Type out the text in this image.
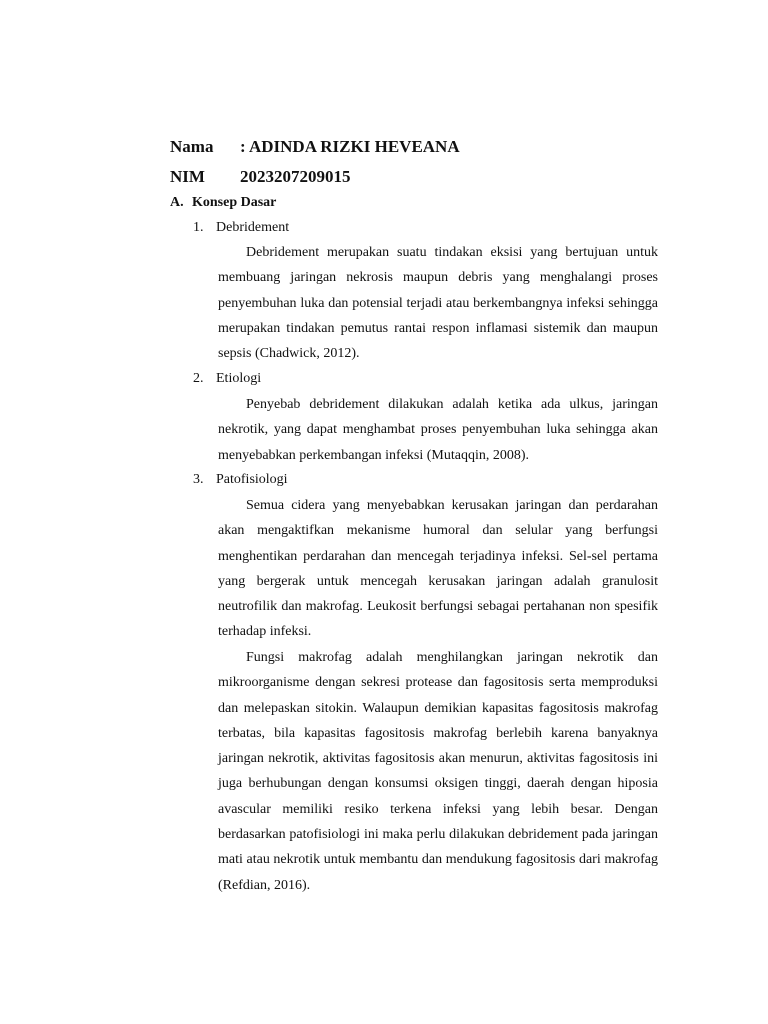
Nama : ADINDA RIZKI HEVEANA
NIM 2023207209015
A. Konsep Dasar
1. Debridement

Debridement merupakan suatu tindakan eksisi yang bertujuan untuk membuang jaringan nekrosis maupun debris yang menghalangi proses penyembuhan luka dan potensial terjadi atau berkembangnya infeksi sehingga merupakan tindakan pemutus rantai respon inflamasi sistemik dan maupun sepsis (Chadwick, 2012).

2. Etiologi

Penyebab debridement dilakukan adalah ketika ada ulkus, jaringan nekrotik, yang dapat menghambat proses penyembuhan luka sehingga akan menyebabkan perkembangan infeksi (Mutaqqin, 2008).

3. Patofisiologi

Semua cidera yang menyebabkan kerusakan jaringan dan perdarahan akan mengaktifkan mekanisme humoral dan selular yang berfungsi menghentikan perdarahan dan mencegah terjadinya infeksi. Sel-sel pertama yang bergerak untuk mencegah kerusakan jaringan adalah granulosit neutrofilik dan makrofag. Leukosit berfungsi sebagai pertahanan non spesifik terhadap infeksi.

Fungsi makrofag adalah menghilangkan jaringan nekrotik dan mikroorganisme dengan sekresi protease dan fagositosis serta memproduksi dan melepaskan sitokin. Walaupun demikian kapasitas fagositosis makrofag terbatas, bila kapasitas fagositosis makrofag berlebih karena banyaknya jaringan nekrotik, aktivitas fagositosis akan menurun, aktivitas fagositosis ini juga berhubungan dengan konsumsi oksigen tinggi, daerah dengan hiposia avascular memiliki resiko terkena infeksi yang lebih besar. Dengan berdasarkan patofisiologi ini maka perlu dilakukan debridement pada jaringan mati atau nekrotik untuk membantu dan mendukung fagositosis dari makrofag (Refdian, 2016).
